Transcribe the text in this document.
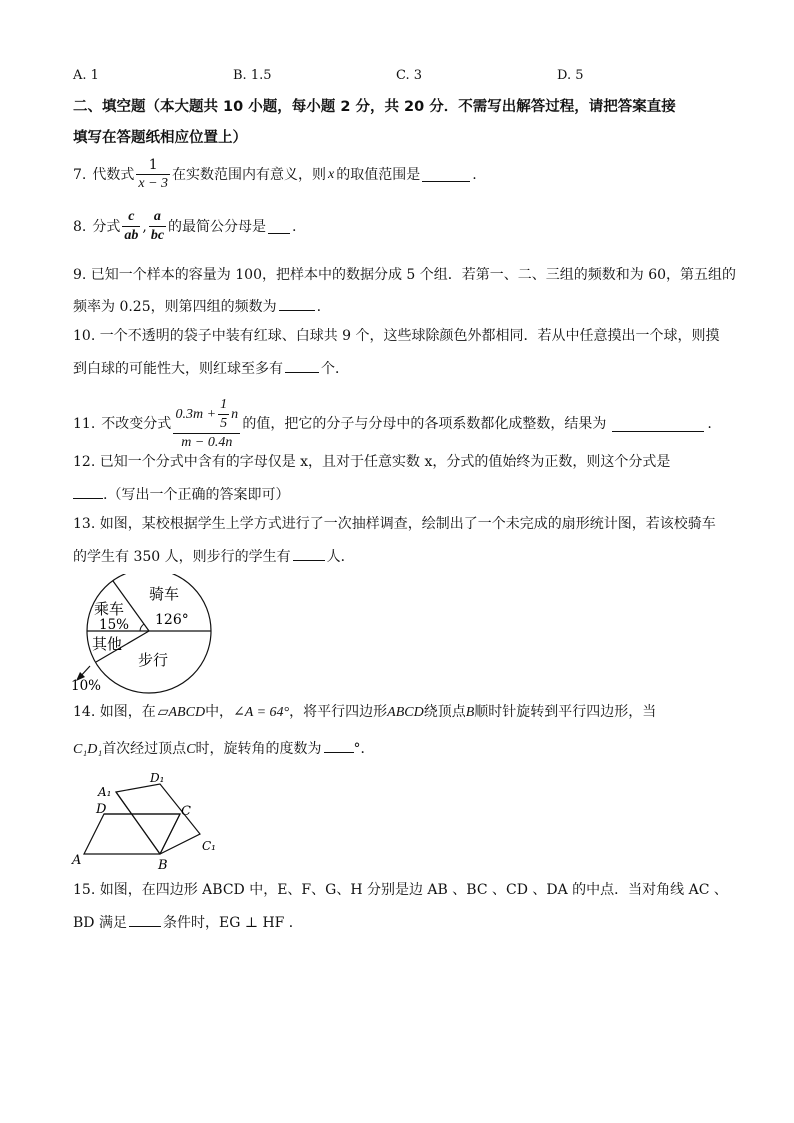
A. 1	B. 1.5	C. 3	D. 5
二、填空题（本大题共 10 小题，每小题 2 分，共 20 分．不需写出解答过程，请把答案直接
填写在答题纸相应位置上）
7. 代数式 $\frac{1}{x - 3}$ 在实数范围内有意义，则 x 的取值范围是	.
8. 分式 $\frac{c}{ab}$ , $\frac{a}{bc}$ 的最简公分母是 .
9. 已知一个样本的容量为 100，把样本中的数据分成 5 个组．若第一、二、三组的频数和为 60，第五组的
频率为 0.25，则第四组的频数为	.
10. 一个不透明的袋子中装有红球、白球共 9 个，这些球除颜色外都相同．若从中任意摸出一个球，则摸
到白球的可能性大，则红球至多有	个．
11. 不改变分式 $\frac{0.3m + \frac{1}{5} n}{m - 0.4n}$ 的值，把它的分子与分母中的各项系数都化成整数，结果为	.
12. 已知一个分式中含有的字母仅是 x，且对于任意实数 x，分式的值始终为正数，则这个分式是
.（写出一个正确的答案即可）
13. 如图，某校根据学生上学方式进行了一次抽样调查，绘制出了一个未完成的扇形统计图，若该校骑车
的学生有 350 人，则步行的学生有	人．
骑车
乘车
15% 126°
其他
步行
10%
14. 如图，在 ▱ABCD中，∠A = 64°，将平行四边形ABCD绕顶点B顺时针旋转到平行四边形，当
C₁D₁首次经过顶点C时，旋转角的度数为 °．
A	B
C
D
A₁
D₁
C₁
15. 如图，在四边形 ABCD 中，E、F、G、H 分别是边 AB 、BC 、CD 、DA 的中点．当对角线 AC 、
BD 满足	条件时，EG ⊥ HF ．
